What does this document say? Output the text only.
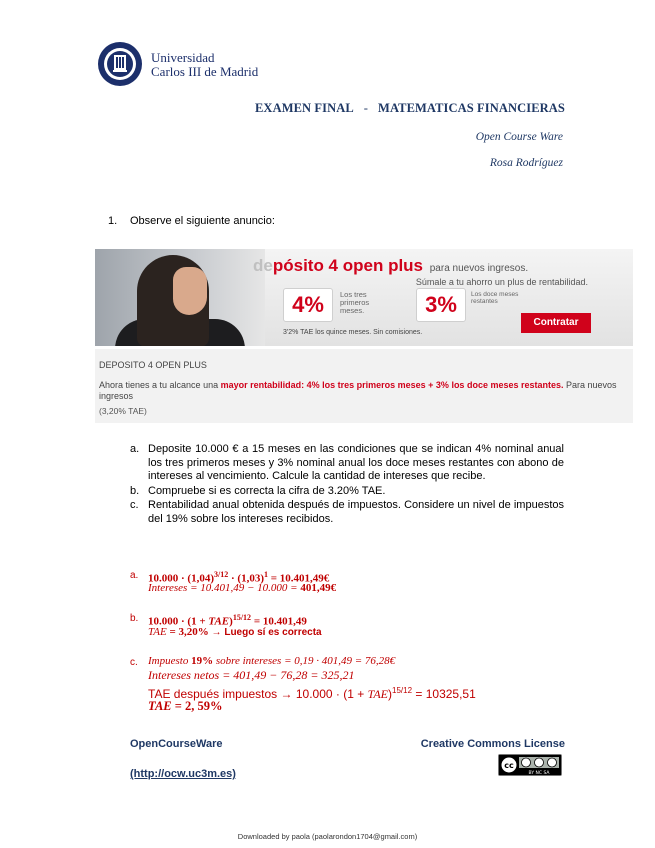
Universidad
Carlos III de Madrid
EXAMEN FINAL - MATEMATICAS FINANCIERAS
Open Course Ware
Rosa Rodríguez
1. Observe el siguiente anuncio:
depósito 4 open plus para nuevos ingresos.
Súmale a tu ahorro un plus de rentabilidad.
4%	Los tres primeros meses.	3%	Los doce meses restantes
Contratar
3'2% TAE los quince meses. Sin comisiones.
DEPOSITO 4 OPEN PLUS
Ahora tienes a tu alcance una mayor rentabilidad: 4% los tres primeros meses + 3% los doce meses restantes. Para nuevos ingresos
(3,20% TAE)
a. Deposite 10.000 € a 15 meses en las condiciones que se indican 4% nominal anual los tres primeros meses y 3% nominal anual los doce meses restantes con abono de intereses al vencimiento. Calcule la cantidad de intereses que recibe.
b. Compruebe si es correcta la cifra de 3.20% TAE.
c. Rentabilidad anual obtenida después de impuestos. Considere un nivel de impuestos del 19% sobre los intereses recibidos.
a. $10.000 \cdot (1,04)^{3/12} \cdot (1,03)^1$ = 10.401,49€
Intereses = 10.401,49 − 10.000 = 401,49€
b. 10.000 · (1 + TAE)$^{15/12}$ = 10.401,49
TAE = 3,20% → Luego sí es correcta
c. Impuesto 19% sobre intereses = 0,19 · 401,49 = 76,28€
Intereses netos = 401,49 − 76,28 = 325,21
TAE después impuestos → 10.000 · (1 + TAE)$^{15/12}$ = 10325,51
TAE = 2, 59%
OpenCourseWare
(http://ocw.uc3m.es)
Creative Commons License
cc
BY NC SA
Downloaded by paola (paolarondon1704@gmail.com)
